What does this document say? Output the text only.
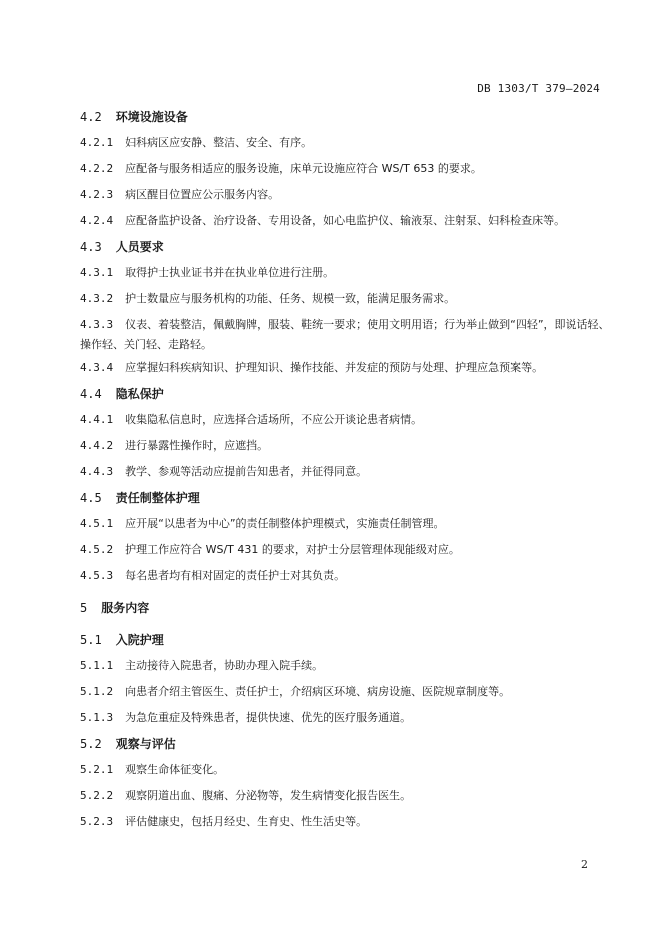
DB 1303/T 379—2024
4.2 环境设施设备
4.2.1 妇科病区应安静、整洁、安全、有序。
4.2.2 应配备与服务相适应的服务设施，床单元设施应符合 WS/T 653 的要求。
4.2.3 病区醒目位置应公示服务内容。
4.2.4 应配备监护设备、治疗设备、专用设备，如心电监护仪、输液泵、注射泵、妇科检查床等。
4.3 人员要求
4.3.1 取得护士执业证书并在执业单位进行注册。
4.3.2 护士数量应与服务机构的功能、任务、规模一致，能满足服务需求。
4.3.3 仪表、着装整洁，佩戴胸牌，服装、鞋统一要求；使用文明用语；行为举止做到“四轻”，即说话轻、操作轻、关门轻、走路轻。
4.3.4 应掌握妇科疾病知识、护理知识、操作技能、并发症的预防与处理、护理应急预案等。
4.4 隐私保护
4.4.1 收集隐私信息时，应选择合适场所，不应公开谈论患者病情。
4.4.2 进行暴露性操作时，应遮挡。
4.4.3 教学、参观等活动应提前告知患者，并征得同意。
4.5 责任制整体护理
4.5.1 应开展“以患者为中心”的责任制整体护理模式，实施责任制管理。
4.5.2 护理工作应符合 WS/T 431 的要求，对护士分层管理体现能级对应。
4.5.3 每名患者均有相对固定的责任护士对其负责。
5 服务内容
5.1 入院护理
5.1.1 主动接待入院患者，协助办理入院手续。
5.1.2 向患者介绍主管医生、责任护士，介绍病区环境、病房设施、医院规章制度等。
5.1.3 为急危重症及特殊患者，提供快速、优先的医疗服务通道。
5.2 观察与评估
5.2.1 观察生命体征变化。
5.2.2 观察阴道出血、腹痛、分泌物等，发生病情变化报告医生。
5.2.3 评估健康史，包括月经史、生育史、性生活史等。
2
